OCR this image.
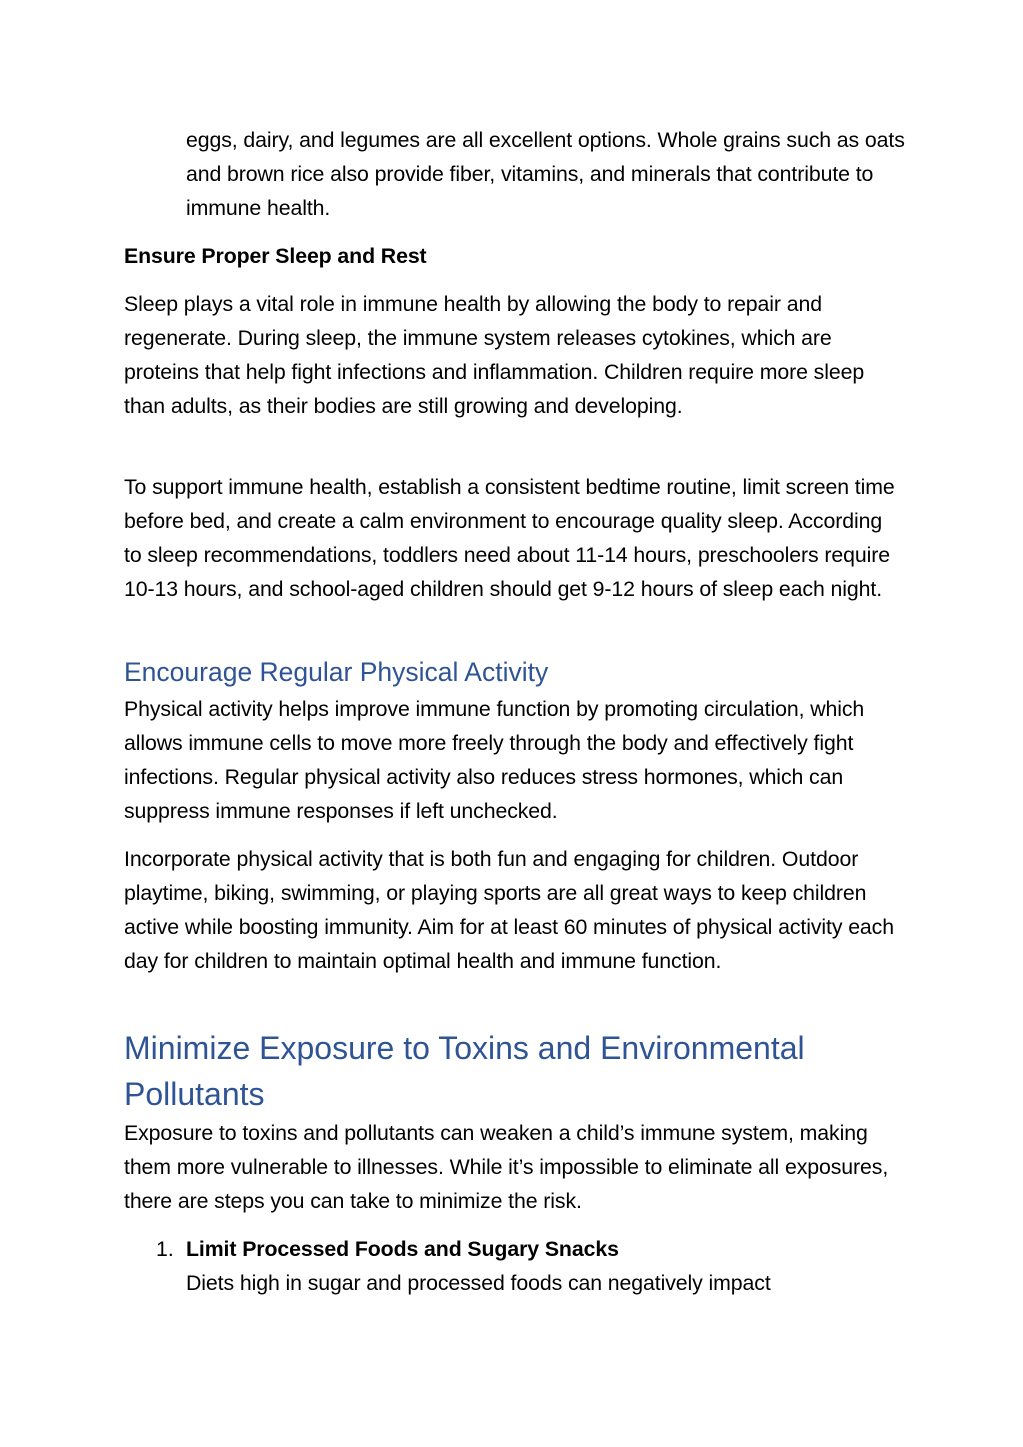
eggs, dairy, and legumes are all excellent options. Whole grains such as oats and brown rice also provide fiber, vitamins, and minerals that contribute to immune health.

Ensure Proper Sleep and Rest

Sleep plays a vital role in immune health by allowing the body to repair and regenerate. During sleep, the immune system releases cytokines, which are proteins that help fight infections and inflammation. Children require more sleep than adults, as their bodies are still growing and developing.

To support immune health, establish a consistent bedtime routine, limit screen time before bed, and create a calm environment to encourage quality sleep. According to sleep recommendations, toddlers need about 11-14 hours, preschoolers require 10-13 hours, and school-aged children should get 9-12 hours of sleep each night.

Encourage Regular Physical Activity

Physical activity helps improve immune function by promoting circulation, which allows immune cells to move more freely through the body and effectively fight infections. Regular physical activity also reduces stress hormones, which can suppress immune responses if left unchecked.

Incorporate physical activity that is both fun and engaging for children. Outdoor playtime, biking, swimming, or playing sports are all great ways to keep children active while boosting immunity. Aim for at least 60 minutes of physical activity each day for children to maintain optimal health and immune function.

Minimize Exposure to Toxins and Environmental Pollutants

Exposure to toxins and pollutants can weaken a child’s immune system, making them more vulnerable to illnesses. While it’s impossible to eliminate all exposures, there are steps you can take to minimize the risk.

1. Limit Processed Foods and Sugary Snacks

Diets high in sugar and processed foods can negatively impact
